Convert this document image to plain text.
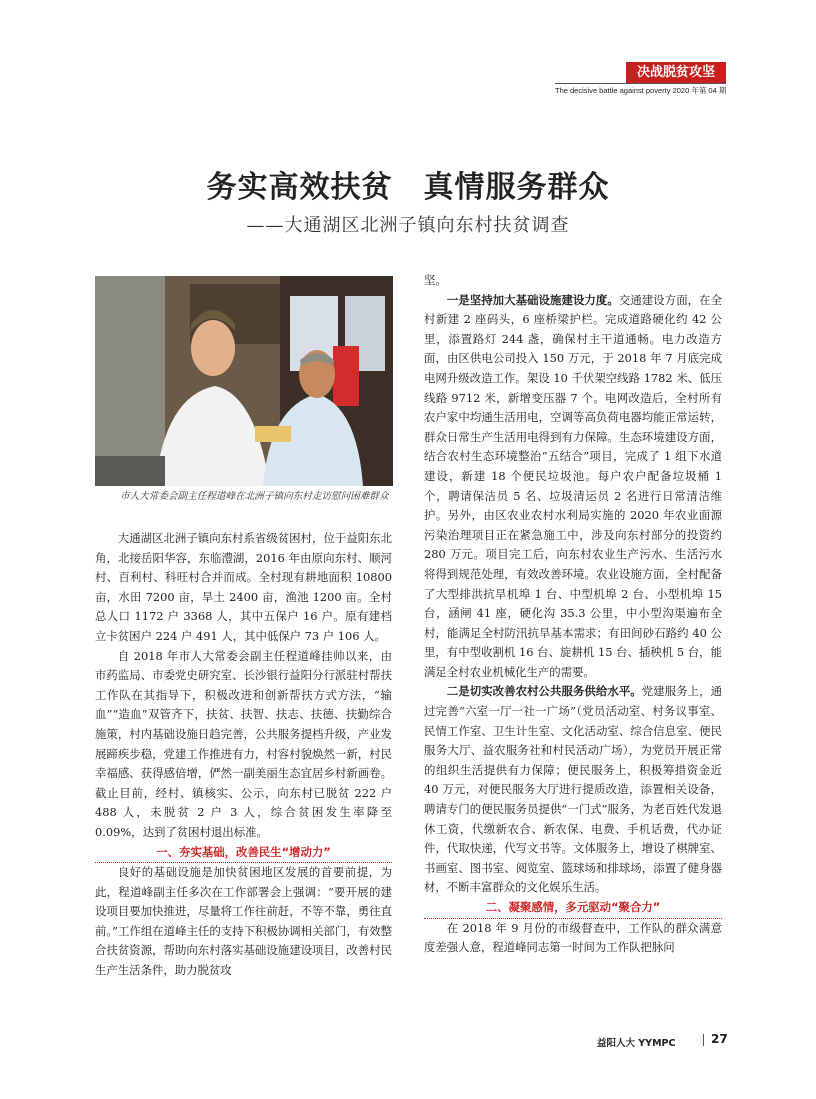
决战脱贫攻坚
The decisive battle against poverty 2020 年第 04 期
务实高效扶贫　真情服务群众
——大通湖区北洲子镇向东村扶贫调查
市人大常委会副主任程道峰在北洲子镇向东村走访慰问困难群众

大通湖区北洲子镇向东村系省级贫困村，位于益阳东北角，北接岳阳华容，东临澧湖，2016 年由原向东村、顺河村、百利村、科旺村合并而成。全村现有耕地面积 10800 亩，水田 7200 亩，旱土 2400 亩，渔池 1200 亩。全村总人口 1172 户 3368 人，其中五保户 16 户。原有建档立卡贫困户 224 户 491 人，其中低保户 73 户 106 人。

自 2018 年市人大常委会副主任程道峰挂帅以来，由市药监局、市委党史研究室、长沙银行益阳分行派驻村帮扶工作队在其指导下，积极改进和创新帮扶方式方法，“输血”“造血”双管齐下，扶贫、扶智、扶志、扶德、扶勤综合施策，村内基础设施日趋完善，公共服务提档升级，产业发展蹄疾步稳，党建工作推进有力，村容村貌焕然一新，村民幸福感、获得感倍增，俨然一副美丽生态宜居乡村新画卷。截止目前，经村、镇核实、公示，向东村已脱贫 222 户 488 人，未脱贫 2 户 3 人，综合贫困发生率降至 0.09%，达到了贫困村退出标准。

一、夯实基础，改善民生“增动力”

良好的基础设施是加快贫困地区发展的首要前提，为此，程道峰副主任多次在工作部署会上强调：“要开展的建设项目要加快推进，尽量将工作往前赶，不等不靠，勇往直前。”工作组在道峰主任的支持下积极协调相关部门，有效整合扶贫资源，帮助向东村落实基础设施建设项目，改善村民生产生活条件，助力脱贫攻

坚。

一是坚持加大基础设施建设力度。交通建设方面，在全村新建 2 座码头，6 座桥梁护栏。完成道路硬化约 42 公里，添置路灯 244 盏，确保村主干道通畅。电力改造方面，由区供电公司投入 150 万元，于 2018 年 7 月底完成电网升级改造工作。架设 10 千伏架空线路 1782 米、低压线路 9712 米，新增变压器 7 个。电网改造后，全村所有农户家中均通生活用电，空调等高负荷电器均能正常运转，群众日常生产生活用电得到有力保障。生态环境建设方面，结合农村生态环境整治“五结合”项目，完成了 1 组下水道建设，新建 18 个便民垃圾池。每户农户配备垃圾桶 1 个，聘请保洁员 5 名、垃圾清运员 2 名进行日常清洁维护。另外，由区农业农村水利局实施的 2020 年农业面源污染治理项目正在紧急施工中，涉及向东村部分的投资约 280 万元。项目完工后，向东村农业生产污水、生活污水将得到规范处理，有效改善环境。农业设施方面，全村配备了大型排洪抗旱机埠 1 台、中型机埠 2 台、小型机埠 15 台，涵闸 41 座，硬化沟 35.3 公里，中小型沟渠遍布全村，能满足全村防汛抗旱基本需求；有田间砂石路约 40 公里，有中型收割机 16 台、旋耕机 15 台、插秧机 5 台，能满足全村农业机械化生产的需要。

二是切实改善农村公共服务供给水平。党建服务上，通过完善“六室一厅一社一广场”（党员活动室、村务议事室、民情工作室、卫生计生室、文化活动室、综合信息室、便民服务大厅、益农服务社和村民活动广场），为党员开展正常的组织生活提供有力保障；便民服务上，积极筹措资金近 40 万元，对便民服务大厅进行提质改造，添置相关设备，聘请专门的便民服务员提供“一门式”服务，为老百姓代发退休工资，代缴新农合、新农保、电费、手机话费，代办证件，代取快递，代写文书等。文体服务上，增设了棋牌室、书画室、图书室、阅览室、篮球场和排球场，添置了健身器材，不断丰富群众的文化娱乐生活。

二、凝聚感情，多元驱动“聚合力”

在 2018 年 9 月份的市级督查中，工作队的群众满意度差强人意，程道峰同志第一时间为工作队把脉问

益阳人大 YYMPC	27
